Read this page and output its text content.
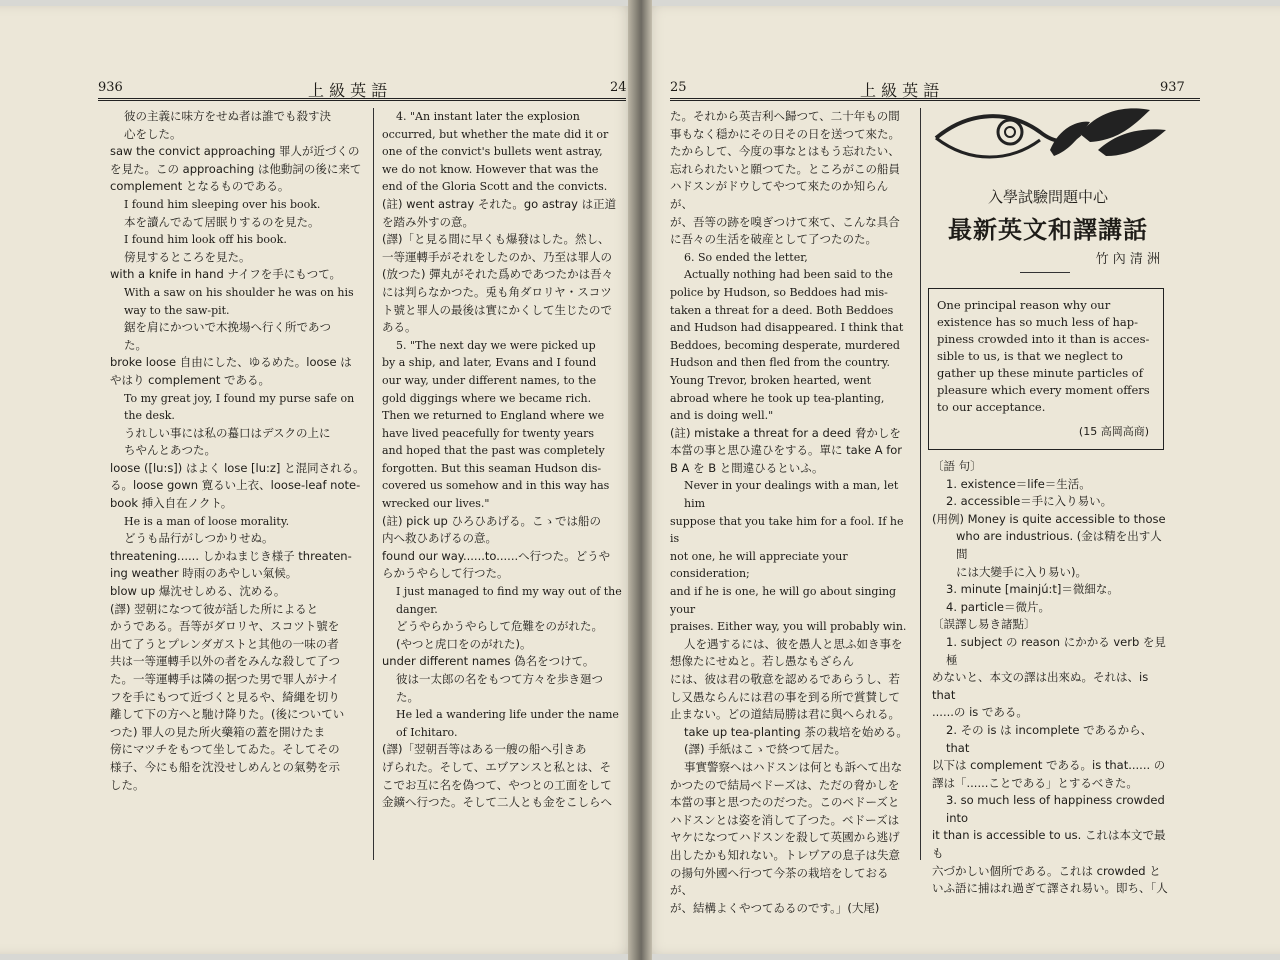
936	上 級 英 語	24

彼の主義に味方をせぬ者は誰でも殺す決

心をした。

saw the convict approaching 罪人が近づくの

を見た。この approaching は他動詞の後に来て

complement となるものである。

I found him sleeping over his book.

本を讀んでゐて居眠りするのを見た。

I found him look off his book.

傍見するところを見た。

with a knife in hand ナイフを手にもつて。

With a saw on his shoulder he was on his

way to the saw-pit.

鋸を肩にかついで木挽場へ行く所であつ

た。

broke loose 自由にした、ゆるめた。loose は

やはり complement である。

To my great joy, I found my purse safe on

the desk.

うれしい事には私の蟇口はデスクの上に

ちやんとあつた。

loose ([lu:s]) はよく lose [lu:z] と混同される。

る。loose gown 寛るい上衣、loose-leaf note-

book 挿入自在ノクト。

He is a man of loose morality.

どうも品行がしつかりせぬ。

threatening...... しかねまじき様子 threaten-

ing weather 時雨のあやしい氣候。

blow up 爆沈せしめる、沈める。

(譯) 翌朝になつて彼が話した所によると

かうである。吾等がダロリヤ、スコツト號を

出て了うとプレンダガストと其他の一味の者

共は一等運轉手以外の者をみんな殺して了つ

た。一等運轉手は隣の据つた男で罪人がナイ

フを手にもつて近づくと見るや、綺繩を切り

離して下の方へと馳け降りた。(後についてい

つた) 罪人の見た所火藥箱の蓋を開けたま

傍にマツチをもつて坐してゐた。そしてその

様子、今にも船を沈没せしめんとの氣勢を示

した。

4. "An instant later the explosion

occurred, but whether the mate did it or

one of the convict's bullets went astray,

we do not know. However that was the

end of the Gloria Scott and the convicts.

(註) went astray それた。go astray は正道

を踏み外すの意。

(譯)「と見る間に早くも爆發はした。然し、

一等運轉手がそれをしたのか、乃至は罪人の

(放つた) 彈丸がそれた爲めであつたかは吾々

には判らなかつた。兎も角ダロリヤ・スコツ

ト號と罪人の最後は實にかくして生じたので

ある。

5. "The next day we were picked up

by a ship, and later, Evans and I found

our way, under different names, to the

gold diggings where we became rich.

Then we returned to England where we

have lived peacefully for twenty years

and hoped that the past was completely

forgotten. But this seaman Hudson dis-

covered us somehow and in this way has

wrecked our lives."

(註) pick up ひろひあげる。こゝでは船の

内へ救ひあげるの意。

found our way......to......へ行つた。どうや

らかうやらして行つた。

I just managed to find my way out of the

danger.

どうやらかうやらして危難をのがれた。

(やつと虎口をのがれた)。

under different names 偽名をつけて。

彼は一太郎の名をもつて方々を歩き廻つ

た。

He led a wandering life under the name

of Ichitaro.

(譯)「翌朝吾等はある一艘の船へ引きあ

げられた。そして、エヷアンスと私とは、そ

こでお互に名を偽つて、やつとの工面をして

金鑛へ行つた。そして二人とも金をこしらへ

25	上 級 英 語	937

た。それから英吉利へ歸つて、二十年もの間

事もなく穏かにその日その日を送つて來た。

たからして、今度の事なとはもう忘れたい、

忘れられたいと願つてた。ところがこの船員

ハドスンがドウしてやつて來たのか知らんが、

が、吾等の跡を嗅ぎつけて來て、こんな具合

に吾々の生活を破産として了つたのた。

6. So ended the letter,

Actually nothing had been said to the

police by Hudson, so Beddoes had mis-

taken a threat for a deed. Both Beddoes

and Hudson had disappeared. I think that

Beddoes, becoming desperate, murdered

Hudson and then fled from the country.

Young Trevor, broken hearted, went

abroad where he took up tea-planting,

and is doing well."

(註) mistake a threat for a deed 脅かしを

本當の事と思ひ違ひをする。單に take A for

B A を B と間違ひるといふ。

Never in your dealings with a man, let him

suppose that you take him for a fool. If he is

not one, he will appreciate your consideration;

and if he is one, he will go about singing your

praises. Either way, you will probably win.

人を遇するには、彼を愚人と思ふ如き事を

想像たにせぬと。若し愚なもざらん

には、彼は君の敬意を認めるであらうし、若

し又愚ならんには君の事を到る所で賞賛して

止まない。どの道結局勝は君に與へられる。

take up tea-planting 茶の栽培を始める。

(譯) 手紙はこゝで終つて居た。

事實警察へはハドスンは何とも訴へて出な

かつたので結局ベドーズは、ただの脅かしを

本當の事と思つたのだつた。このベドーズと

ハドスンとは姿を消して了つた。ベドーズは

ヤケになつてハドスンを殺して英國から逃げ

出したかも知れない。トレヷアの息子は失意

の揚句外國へ行つて今茶の栽培をしておるが、

が、結構よくやつてゐるのです。」(大尾)

入學試驗問題中心
最新英文和譯講話
竹 內 清 洲

One principal reason why our

existence has so much less of hap-

piness crowded into it than is acces-

sible to us, is that we neglect to

gather up these minute particles of

pleasure which every moment offers

to our acceptance.

(15 高岡高商)

〔語 句〕

1. existence＝life＝生活。

2. accessible＝手に入り易い。

(用例) Money is quite accessible to those

who are industrious. (金は精を出す人間

には大變手に入り易い)。

3. minute [mainjú:t]＝微細な。

4. particle＝微片。

〔誤譯し易き諸點〕

1. subject の reason にかかる verb を見極

めないと、本文の譯は出來ぬ。それは、is that

......の is である。

2. その is は incomplete であるから、that

以下は complement である。is that...... の

譯は「......ことである」とするべきた。

3. so much less of happiness crowded into

it than is accessible to us. これは本文で最も

六づかしい個所である。これは crowded と

いふ語に捕はれ過ぎて譯され易い。即ち、「人
